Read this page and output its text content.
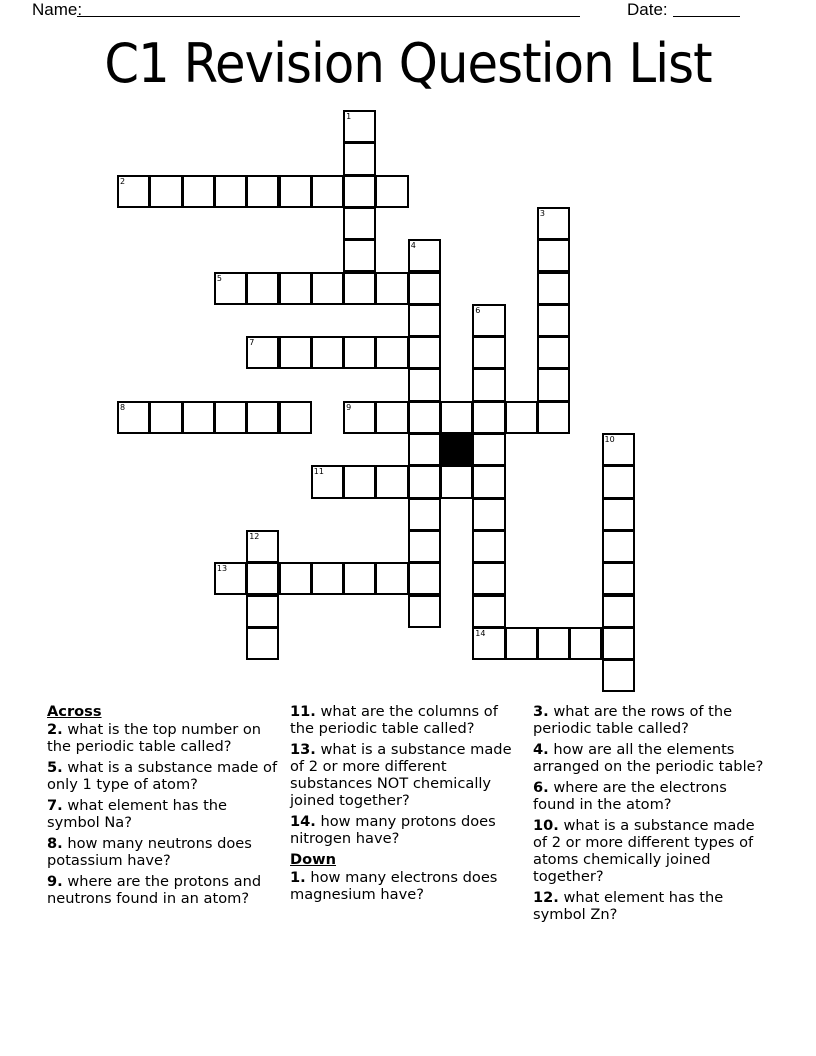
Name:	Date:
C1 Revision Question List
1
2
3
4
5
6
14
7
8	9
10
11
12
13
Across
2. what is the top number on the periodic table called?
5. what is a substance made of only 1 type of atom?
7. what element has the symbol Na?
8. how many neutrons does potassium have?
9. where are the protons and neutrons found in an atom?
11. what are the columns of the periodic table called?
13. what is a substance made of 2 or more different substances NOT chemically joined together?
14. how many protons does nitrogen have?
Down
1. how many electrons does magnesium have?
3. what are the rows of the periodic table called?
4. how are all the elements arranged on the periodic table?
6. where are the electrons found in the atom?
10. what is a substance made of 2 or more different types of atoms chemically joined together?
12. what element has the symbol Zn?
